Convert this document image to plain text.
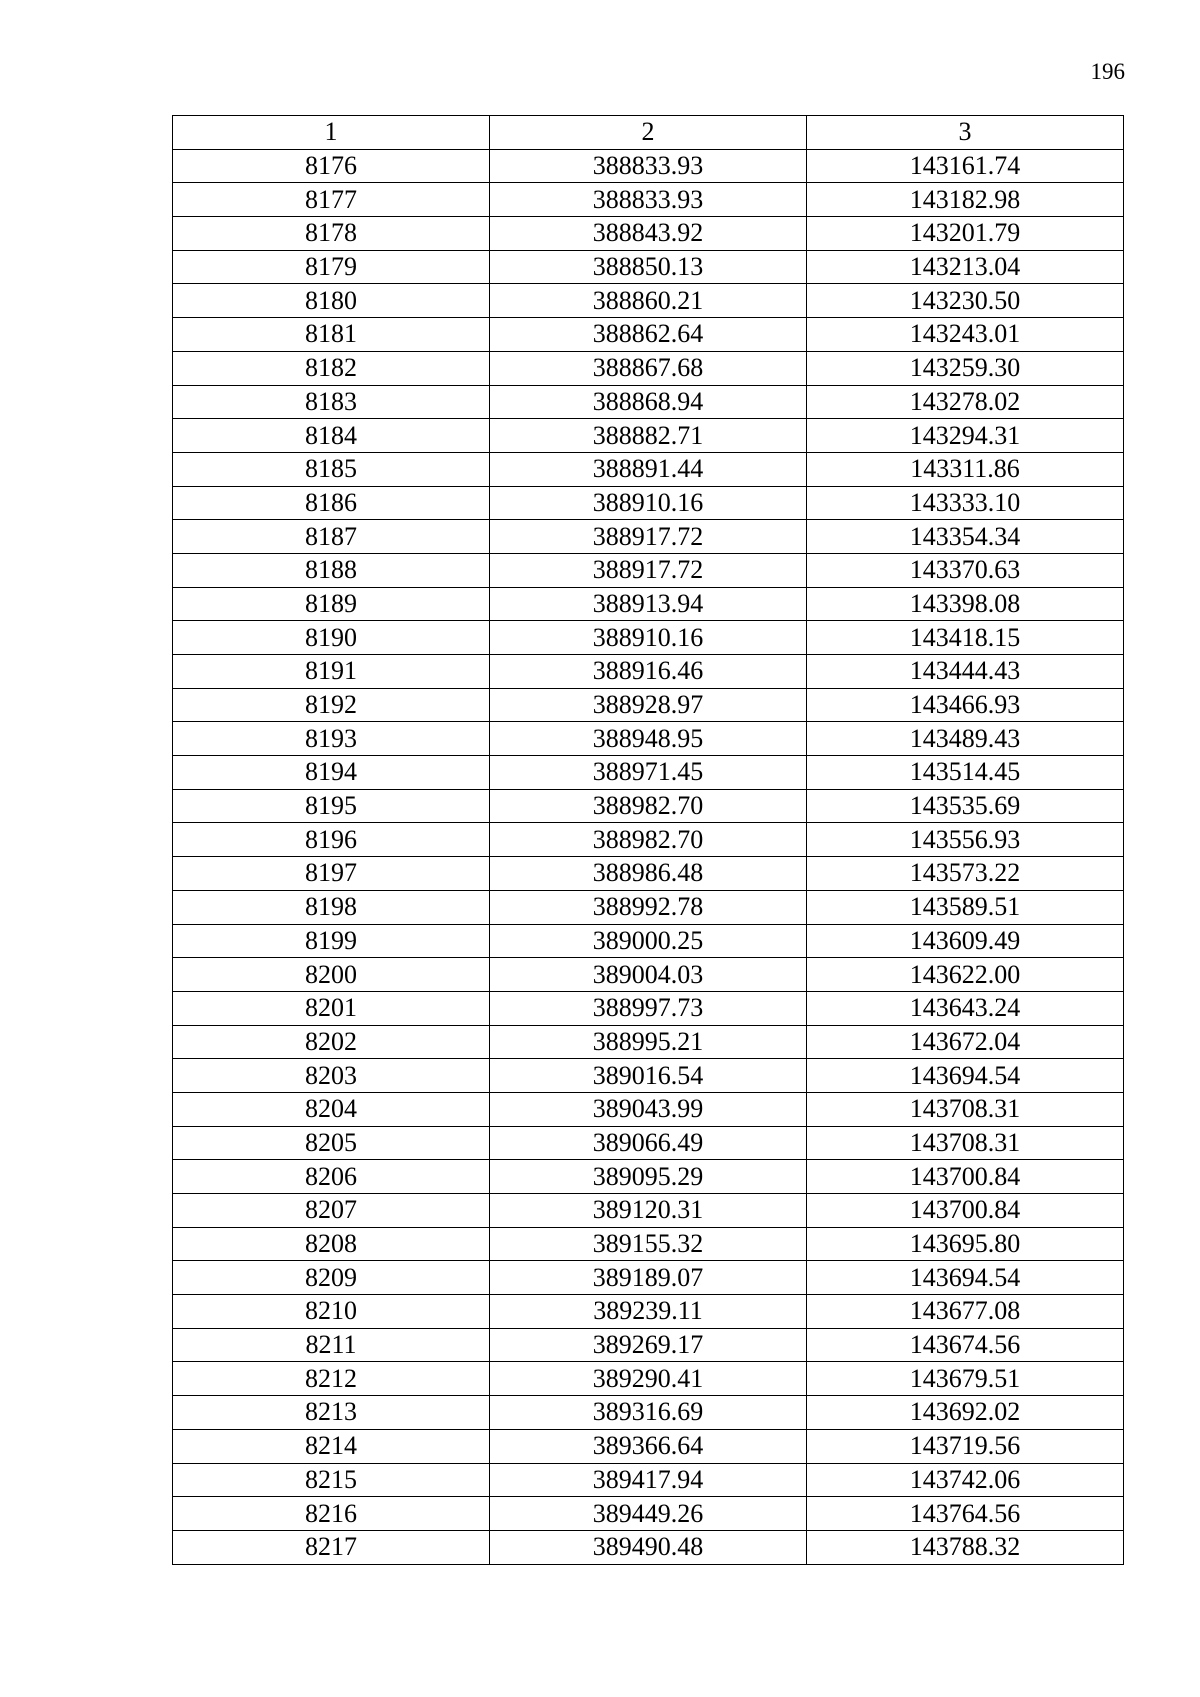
196
1	2	3
8176	388833.93	143161.74
8177	388833.93	143182.98
8178	388843.92	143201.79
8179	388850.13	143213.04
8180	388860.21	143230.50
8181	388862.64	143243.01
8182	388867.68	143259.30
8183	388868.94	143278.02
8184	388882.71	143294.31
8185	388891.44	143311.86
8186	388910.16	143333.10
8187	388917.72	143354.34
8188	388917.72	143370.63
8189	388913.94	143398.08
8190	388910.16	143418.15
8191	388916.46	143444.43
8192	388928.97	143466.93
8193	388948.95	143489.43
8194	388971.45	143514.45
8195	388982.70	143535.69
8196	388982.70	143556.93
8197	388986.48	143573.22
8198	388992.78	143589.51
8199	389000.25	143609.49
8200	389004.03	143622.00
8201	388997.73	143643.24
8202	388995.21	143672.04
8203	389016.54	143694.54
8204	389043.99	143708.31
8205	389066.49	143708.31
8206	389095.29	143700.84
8207	389120.31	143700.84
8208	389155.32	143695.80
8209	389189.07	143694.54
8210	389239.11	143677.08
8211	389269.17	143674.56
8212	389290.41	143679.51
8213	389316.69	143692.02
8214	389366.64	143719.56
8215	389417.94	143742.06
8216	389449.26	143764.56
8217	389490.48	143788.32
